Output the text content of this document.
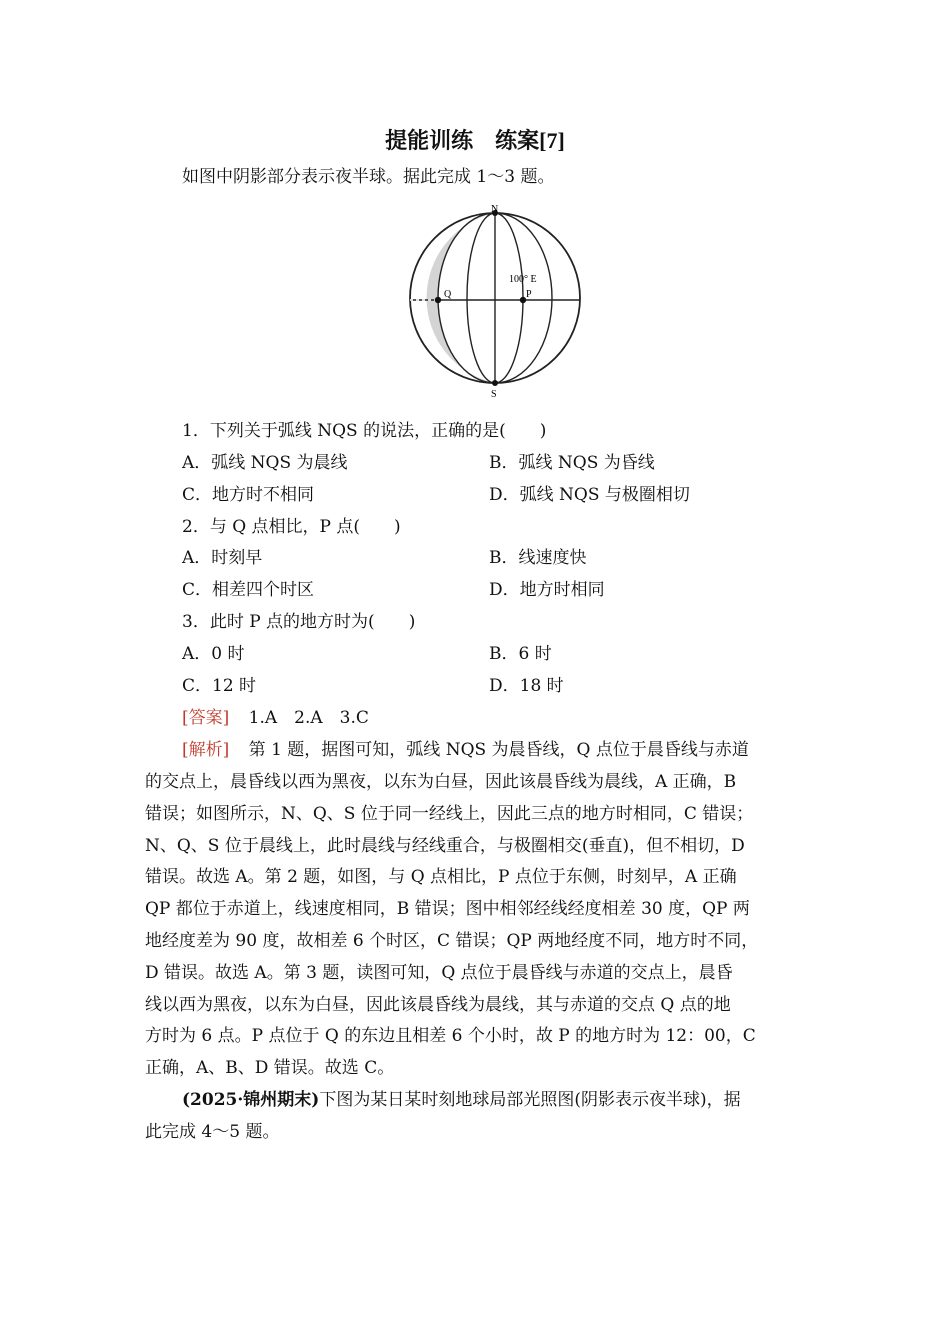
提能训练　练案[7]
如图中阴影部分表示夜半球。据此完成 1～3 题。
N
S
Q	P
100° E
1．下列关于弧线 NQS 的说法，正确的是(　　)
A．弧线 NQS 为晨线	B．弧线 NQS 为昏线
C．地方时不相同	D．弧线 NQS 与极圈相切
2．与 Q 点相比，P 点(　　)
A．时刻早	B．线速度快
C．相差四个时区	D．地方时相同
3．此时 P 点的地方时为(　　)
A．0 时	B．6 时
C．12 时	D．18 时
[答案] 1.A　2.A　3.C
[解析] 第 1 题，据图可知，弧线 NQS 为晨昏线，Q 点位于晨昏线与赤道
的交点上，晨昏线以西为黑夜，以东为白昼，因此该晨昏线为晨线，A 正确，B
错误；如图所示，N、Q、S 位于同一经线上，因此三点的地方时相同，C 错误；
N、Q、S 位于晨线上，此时晨线与经线重合，与极圈相交(垂直)，但不相切，D
错误。故选 A。第 2 题，如图，与 Q 点相比，P 点位于东侧，时刻早，A 正确
QP 都位于赤道上，线速度相同，B 错误；图中相邻经线经度相差 30 度，QP 两
地经度差为 90 度，故相差 6 个时区，C 错误；QP 两地经度不同，地方时不同，
D 错误。故选 A。第 3 题，读图可知，Q 点位于晨昏线与赤道的交点上，晨昏
线以西为黑夜，以东为白昼，因此该晨昏线为晨线，其与赤道的交点 Q 点的地
方时为 6 点。P 点位于 Q 的东边且相差 6 个小时，故 P 的地方时为 12：00，C
正确，A、B、D 错误。故选 C。
(2025·锦州期末)下图为某日某时刻地球局部光照图(阴影表示夜半球)，据
此完成 4～5 题。
